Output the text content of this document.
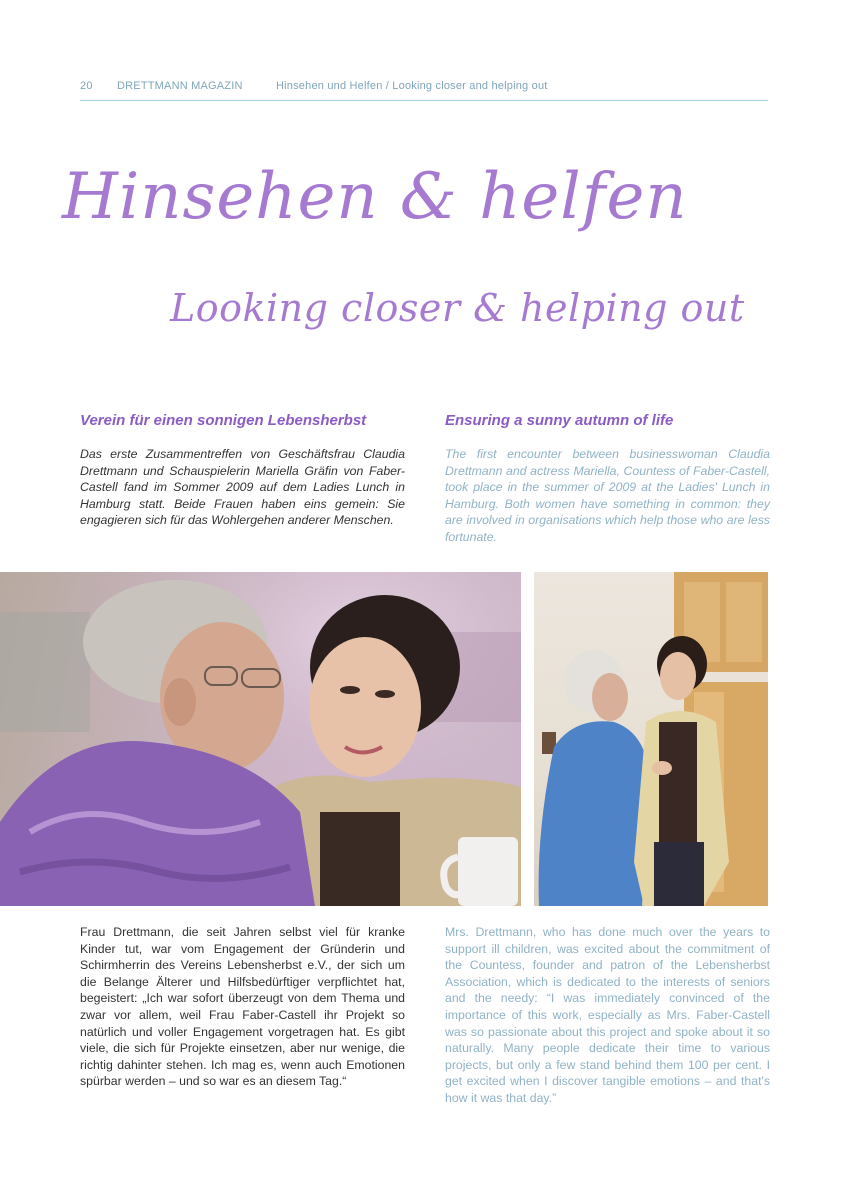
20 DRETTMANN MAGAZIN	Hinsehen und Helfen / Looking closer and helping out
Hinsehen & helfen
Looking closer & helping out
Verein für einen sonnigen Lebensherbst	Ensuring a sunny autumn of life

Das erste Zusammentreffen von Geschäftsfrau Claudia Drettmann und Schauspielerin Mariella Gräfin von Faber-Castell fand im Sommer 2009 auf dem Ladies Lunch in Hamburg statt. Beide Frauen haben eins gemein: Sie engagieren sich für das Wohlergehen anderer Menschen.

The first encounter between businesswoman Claudia Drettmann and actress Mariella, Countess of Faber-Castell, took place in the summer of 2009 at the Ladies' Lunch in Hamburg. Both women have something in common: they are involved in organisations which help those who are less fortunate.

Frau Drettmann, die seit Jahren selbst viel für kranke Kinder tut, war vom Engagement der Gründerin und Schirmherrin des Vereins Lebensherbst e.V., der sich um die Belange Älterer und Hilfsbedürftiger verpflichtet hat, begeistert: „Ich war sofort überzeugt von dem Thema und zwar vor allem, weil Frau Faber-Castell ihr Projekt so natürlich und voller Engagement vorgetragen hat. Es gibt viele, die sich für Projekte einsetzen, aber nur wenige, die richtig dahinter stehen. Ich mag es, wenn auch Emotionen spürbar werden – und so war es an diesem Tag.“

Mrs. Drettmann, who has done much over the years to support ill children, was excited about the commitment of the Countess, founder and patron of the Lebensherbst Association, which is dedicated to the interests of seniors and the needy: “I was immediately convinced of the importance of this work, especially as Mrs. Faber-Castell was so passionate about this project and spoke about it so naturally. Many people dedicate their time to various projects, but only a few stand behind them 100 per cent. I get excited when I discover tangible emotions – and that's how it was that day.”
